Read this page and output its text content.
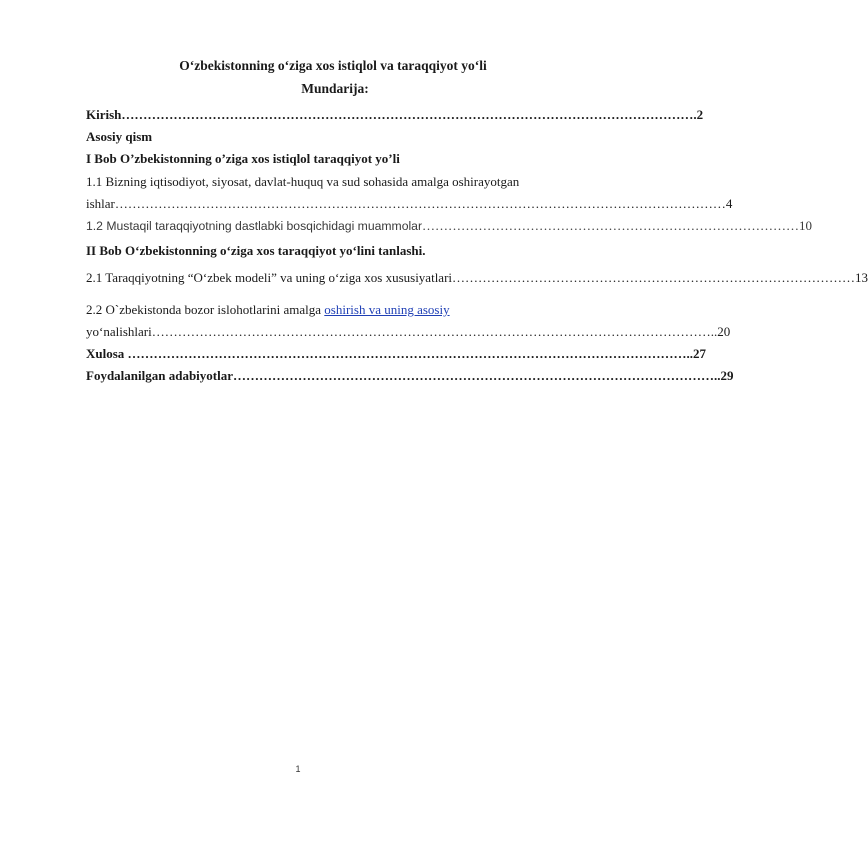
O‘zbekistonning o‘ziga xos istiqlol va taraqqiyot yo‘li
Mundarija:
Kirish …………………………………………………………………………………………………………………… .2
Asosiy qism
I Bob O’zbekistonning o’ziga xos istiqlol taraqqiyot yo’li
1.1 Bizning iqtisodiyot, siyosat, davlat-huquq va sud sohasida amalga oshirayotgan
ishlar …………………………………………………………………………………………………………………………… 4
1.2 Mustaqil taraqqiyotning dastlabki bosqichidagi muammolar …………………………………………………………………………… 10
II Bob O‘zbekistonning o‘ziga xos taraqqiyot yo‘lini tanlashi.
2.1 Taraqqiyotning “O‘zbek modeli” va uning o‘ziga xos xususiyatlari ………………………………………………………………………………… 13
2.2 O`zbekistonda bozor islohotlarini amalga oshirish va uning asosiy
yo‘nalishlari ………………………………………………………………………………………………………………… ..20
Xulosa ………………………………………………………………………………………………………………… ..27
Foydalanilgan adabiyotlar ………………………………………………………………………………………………… ..29
1
